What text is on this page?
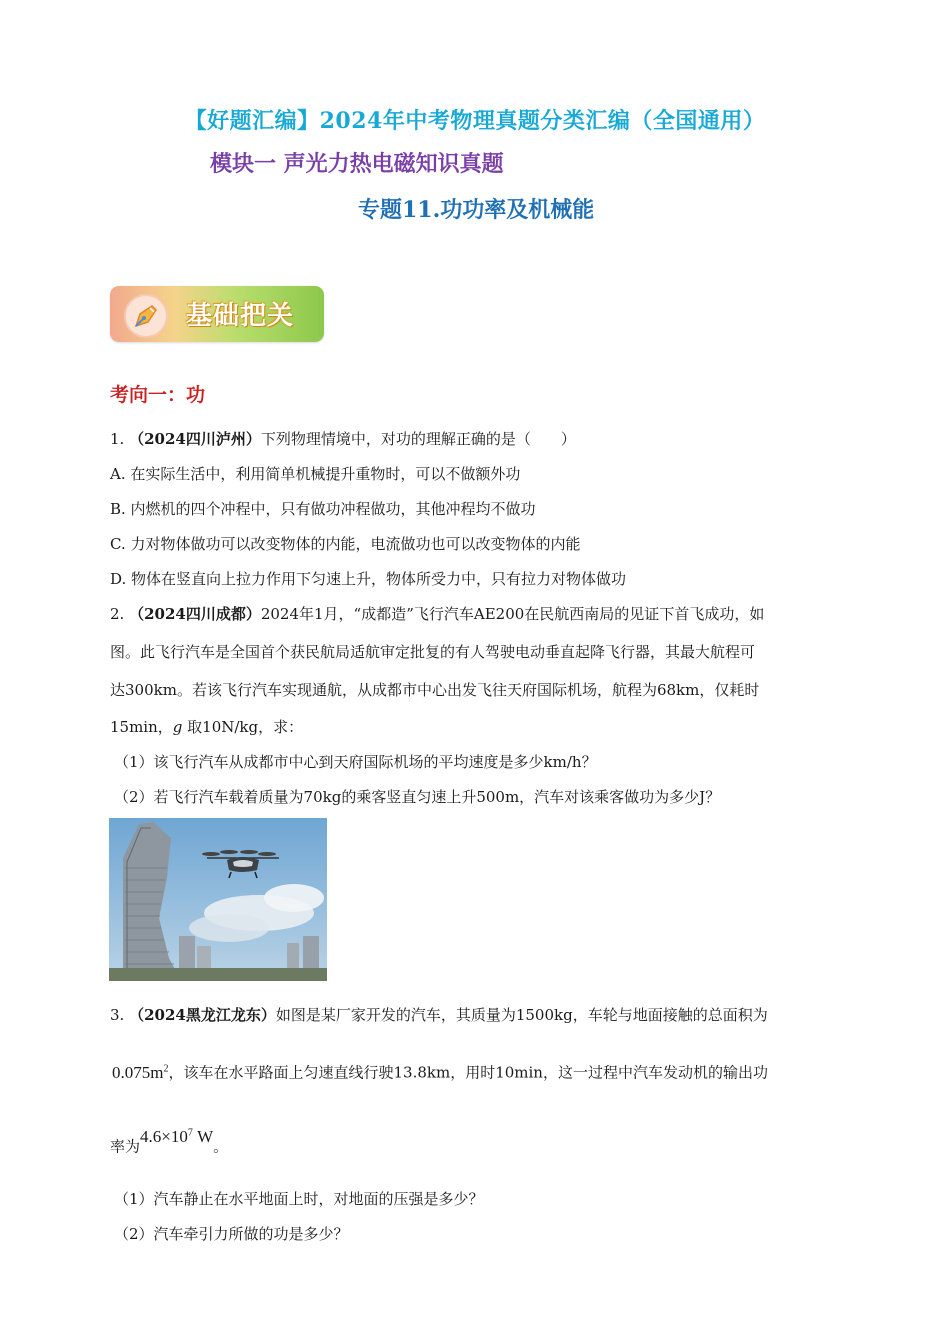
【好题汇编】2024年中考物理真题分类汇编（全国通用）
模块一 声光力热电磁知识真题
专题11.功功率及机械能
基础把关
考向一：功
1. （2024四川泸州）下列物理情境中，对功的理解正确的是（　　）
A. 在实际生活中，利用简单机械提升重物时，可以不做额外功
B. 内燃机的四个冲程中，只有做功冲程做功，其他冲程均不做功
C. 力对物体做功可以改变物体的内能，电流做功也可以改变物体的内能
D. 物体在竖直向上拉力作用下匀速上升，物体所受力中，只有拉力对物体做功
2. （2024四川成都）2024年1月，“成都造”飞行汽车AE200在民航西南局的见证下首飞成功，如
图。此飞行汽车是全国首个获民航局适航审定批复的有人驾驶电动垂直起降飞行器，其最大航程可
达300km。若该飞行汽车实现通航，从成都市中心出发飞往天府国际机场，航程为68km，仅耗时
15min，g 取10N/kg，求：
（1）该飞行汽车从成都市中心到天府国际机场的平均速度是多少km/h？
（2）若飞行汽车载着质量为70kg的乘客竖直匀速上升500m，汽车对该乘客做功为多少J？
3. （2024黑龙江龙东）如图是某厂家开发的汽车，其质量为1500kg，车轮与地面接触的总面积为
$0.075m^2$，该车在水平路面上匀速直线行驶13.8km，用时10min，这一过程中汽车发动机的输出功
率为$4.6\times 10^7$ W。
（1）汽车静止在水平地面上时，对地面的压强是多少？
（2）汽车牵引力所做的功是多少？
